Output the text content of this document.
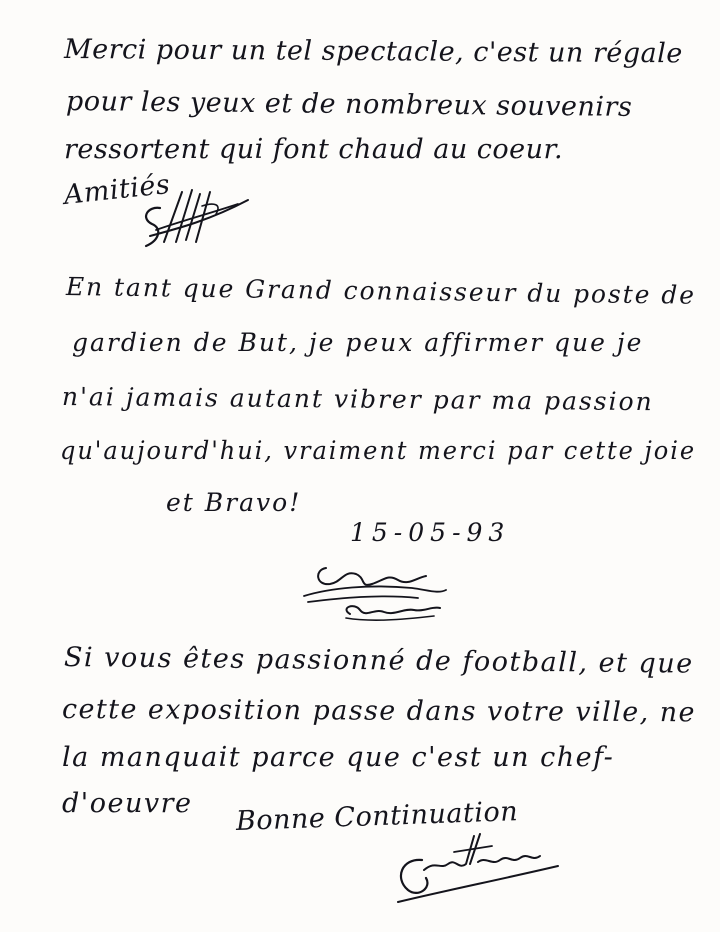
Merci pour un tel spectacle, c'est un régale
pour les yeux et de nombreux souvenirs
ressortent qui font chaud au coeur.
Amitiés
En tant que Grand connaisseur du poste de
gardien de But, je peux affirmer que je
n'ai jamais autant vibrer par ma passion
qu'aujourd'hui, vraiment merci par cette joie
et Bravo!
15-05-93
Si vous êtes passionné de football, et que
cette exposition passe dans votre ville, ne
la manquait parce que c'est un chef-
d'oeuvre Bonne Continuation
